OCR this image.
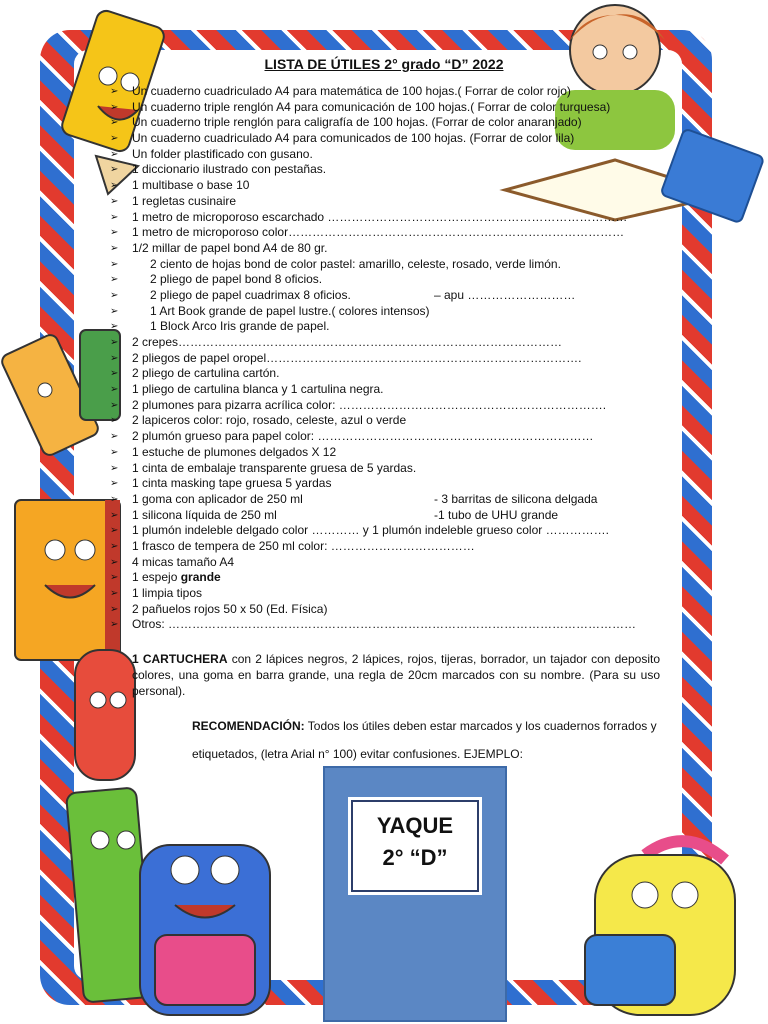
LISTA DE ÚTILES 2° grado “D” 2022
➢ Un cuaderno cuadriculado A4 para matemática de 100 hojas.( Forrar de color rojo)
➢ Un cuaderno triple renglón A4 para comunicación de 100 hojas.( Forrar de color turquesa)
➢ Un cuaderno triple renglón para caligrafía de 100 hojas. (Forrar de color anaranjado)
➢ Un cuaderno cuadriculado A4 para comunicados de 100 hojas. (Forrar de color lila)
➢ Un folder plastificado con gusano.
➢ 1 diccionario ilustrado con pestañas.
➢ 1 multibase o base 10
➢ 1 regletas cusinaire
➢ 1 metro de microporoso escarchado …………………………………………………………………
➢ 1 metro de microporoso color…………………………………………………………………………
➢ 1/2 millar de papel bond A4 de 80 gr.
➢	2 ciento de hojas bond de color pastel: amarillo, celeste, rosado, verde limón.
➢	2 pliego de papel bond 8 oficios.
➢	2 pliego de papel cuadrimax 8 oficios.	– apu ………………………
➢	1 Art Book grande de papel lustre.( colores intensos)
➢	1 Block Arco Iris grande de papel.
➢ 2 crepes……………………………………………………………………………………
➢ 2 pliegos de papel oropel…………………………………………………………………….
➢ 2 pliego de cartulina cartón.
➢ 1 pliego de cartulina blanca y 1 cartulina negra.
➢ 2 plumones para pizarra acrílica color: ………………………………………………………….
➢ 2 lapiceros color: rojo, rosado, celeste, azul o verde
➢ 2 plumón grueso para papel color: ……………………………………………………………
➢ 1 estuche de plumones delgados X 12
➢ 1 cinta de embalaje transparente gruesa de 5 yardas.
➢ 1 cinta masking tape gruesa 5 yardas
➢ 1 goma con aplicador de 250 ml	- 3 barritas de silicona delgada
➢ 1 silicona líquida de 250 ml	-1 tubo de UHU grande
➢ 1 plumón indeleble delgado color ………… y 1 plumón indeleble grueso color …………….
➢ 1 frasco de tempera de 250 ml color: ………………………………
➢ 4 micas tamaño A4
➢ 1 espejo grande
➢ 1 limpia tipos
➢ 2 pañuelos rojos 50 x 50 (Ed. Física)
➢ Otros: ………………………………………………………………………………………………………
1 CARTUCHERA con 2 lápices negros, 2 lápices, rojos, tijeras, borrador, un tajador con deposito colores, una goma en barra grande, una regla de 20cm marcados con su nombre. (Para su uso personal).
RECOMENDACIÓN: Todos los útiles deben estar marcados y los cuadernos forrados y etiquetados, (letra Arial n° 100) evitar confusiones. EJEMPLO:
YAQUE
2° “D”
